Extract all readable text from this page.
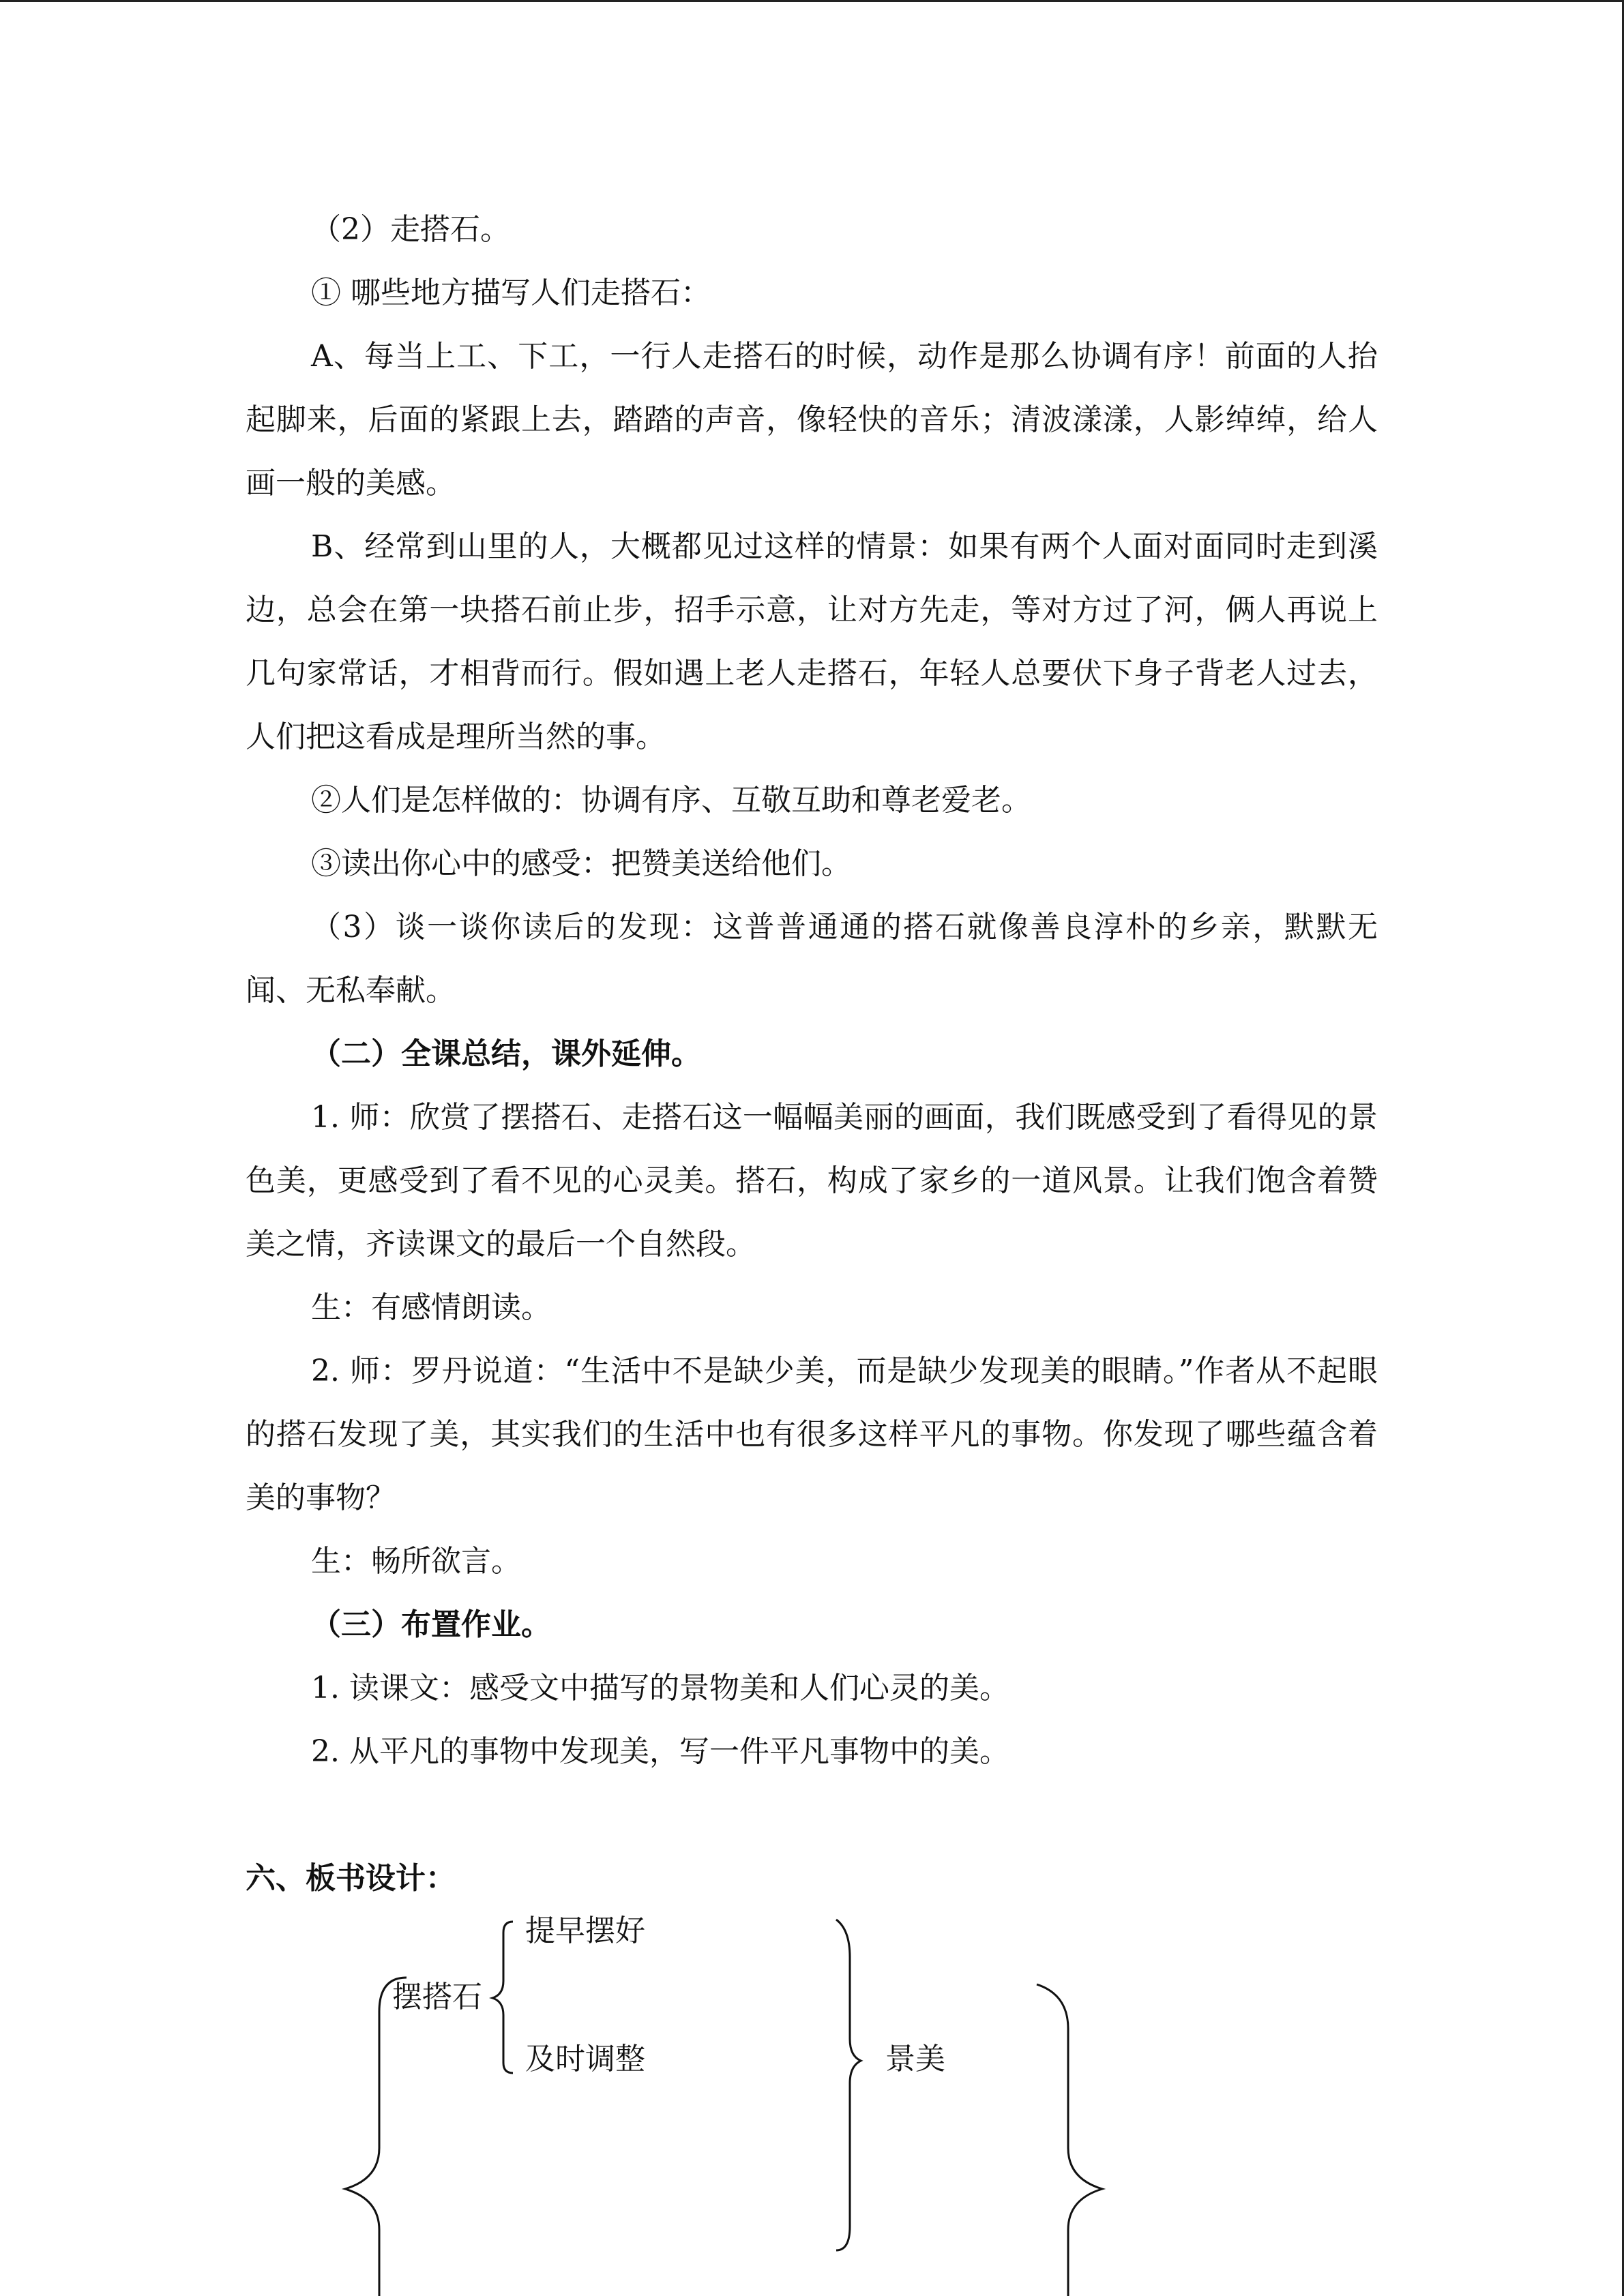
（2）走搭石。

① 哪些地方描写人们走搭石：

A、每当上工、下工，一行人走搭石的时候，动作是那么协调有序！前面的人抬起脚来，后面的紧跟上去，踏踏的声音，像轻快的音乐；清波漾漾，人影绰绰，给人画一般的美感。

B、经常到山里的人，大概都见过这样的情景：如果有两个人面对面同时走到溪边，总会在第一块搭石前止步，招手示意，让对方先走，等对方过了河，俩人再说上几句家常话，才相背而行。假如遇上老人走搭石，年轻人总要伏下身子背老人过去，人们把这看成是理所当然的事。

②人们是怎样做的：协调有序、互敬互助和尊老爱老。

③读出你心中的感受：把赞美送给他们。

（3）谈一谈你读后的发现：这普普通通的搭石就像善良淳朴的乡亲，默默无闻、无私奉献。

（二）全课总结，课外延伸。

1. 师：欣赏了摆搭石、走搭石这一幅幅美丽的画面，我们既感受到了看得见的景色美，更感受到了看不见的心灵美。搭石，构成了家乡的一道风景。让我们饱含着赞美之情，齐读课文的最后一个自然段。

生：有感情朗读。

2. 师：罗丹说道：“生活中不是缺少美，而是缺少发现美的眼睛。”作者从不起眼的搭石发现了美，其实我们的生活中也有很多这样平凡的事物。你发现了哪些蕴含着美的事物？

生：畅所欲言。

（三）布置作业。

1. 读课文：感受文中描写的景物美和人们心灵的美。

2. 从平凡的事物中发现美，写一件平凡事物中的美。

六、板书设计：

摆搭石
提早摆好
及时调整	景美
